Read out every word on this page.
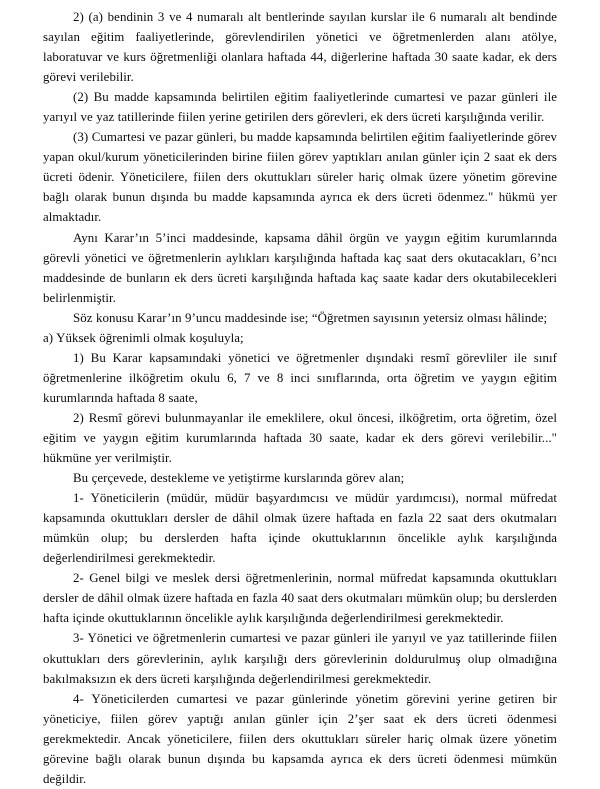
2) (a) bendinin 3 ve 4 numaralı alt bentlerinde sayılan kurslar ile 6 numaralı alt bendinde sayılan eğitim faaliyetlerinde, görevlendirilen yönetici ve öğretmenlerden alanı atölye, laboratuvar ve kurs öğretmenliği olanlara haftada 44, diğerlerine haftada 30 saate kadar, ek ders görevi verilebilir.

(2) Bu madde kapsamında belirtilen eğitim faaliyetlerinde cumartesi ve pazar günleri ile yarıyıl ve yaz tatillerinde fiilen yerine getirilen ders görevleri, ek ders ücreti karşılığında verilir.

(3) Cumartesi ve pazar günleri, bu madde kapsamında belirtilen eğitim faaliyetlerinde görev yapan okul/kurum yöneticilerinden birine fiilen görev yaptıkları anılan günler için 2 saat ek ders ücreti ödenir. Yöneticilere, fiilen ders okuttukları süreler hariç olmak üzere yönetim görevine bağlı olarak bunun dışında bu madde kapsamında ayrıca ek ders ücreti ödenmez." hükmü yer almaktadır.

Aynı Karar’ın 5’inci maddesinde, kapsama dâhil örgün ve yaygın eğitim kurumlarında görevli yönetici ve öğretmenlerin aylıkları karşılığında haftada kaç saat ders okutacakları, 6’ncı maddesinde de bunların ek ders ücreti karşılığında haftada kaç saate kadar ders okutabilecekleri belirlenmiştir.

Söz konusu Karar’ın 9’uncu maddesinde ise; “Öğretmen sayısının yetersiz olması hâlinde;

a) Yüksek öğrenimli olmak koşuluyla;

1) Bu Karar kapsamındaki yönetici ve öğretmenler dışındaki resmî görevliler ile sınıf öğretmenlerine ilköğretim okulu 6, 7 ve 8 inci sınıflarında, orta öğretim ve yaygın eğitim kurumlarında haftada 8 saate,

2) Resmî görevi bulunmayanlar ile emeklilere, okul öncesi, ilköğretim, orta öğretim, özel eğitim ve yaygın eğitim kurumlarında haftada 30 saate, kadar ek ders görevi verilebilir..." hükmüne yer verilmiştir.

Bu çerçevede, destekleme ve yetiştirme kurslarında görev alan;

1- Yöneticilerin (müdür, müdür başyardımcısı ve müdür yardımcısı), normal müfredat kapsamında okuttukları dersler de dâhil olmak üzere haftada en fazla 22 saat ders okutmaları mümkün olup; bu derslerden hafta içinde okuttuklarının öncelikle aylık karşılığında değerlendirilmesi gerekmektedir.

2- Genel bilgi ve meslek dersi öğretmenlerinin, normal müfredat kapsamında okuttukları dersler de dâhil olmak üzere haftada en fazla 40 saat ders okutmaları mümkün olup; bu derslerden hafta içinde okuttuklarının öncelikle aylık karşılığında değerlendirilmesi gerekmektedir.

3- Yönetici ve öğretmenlerin cumartesi ve pazar günleri ile yarıyıl ve yaz tatillerinde fiilen okuttukları ders görevlerinin, aylık karşılığı ders görevlerinin doldurulmuş olup olmadığına bakılmaksızın ek ders ücreti karşılığında değerlendirilmesi gerekmektedir.

4- Yöneticilerden cumartesi ve pazar günlerinde yönetim görevini yerine getiren bir yöneticiye, fiilen görev yaptığı anılan günler için 2’şer saat ek ders ücreti ödenmesi gerekmektedir. Ancak yöneticilere, fiilen ders okuttukları süreler hariç olmak üzere yönetim görevine bağlı olarak bunun dışında bu kapsamda ayrıca ek ders ücreti ödenmesi mümkün değildir.
